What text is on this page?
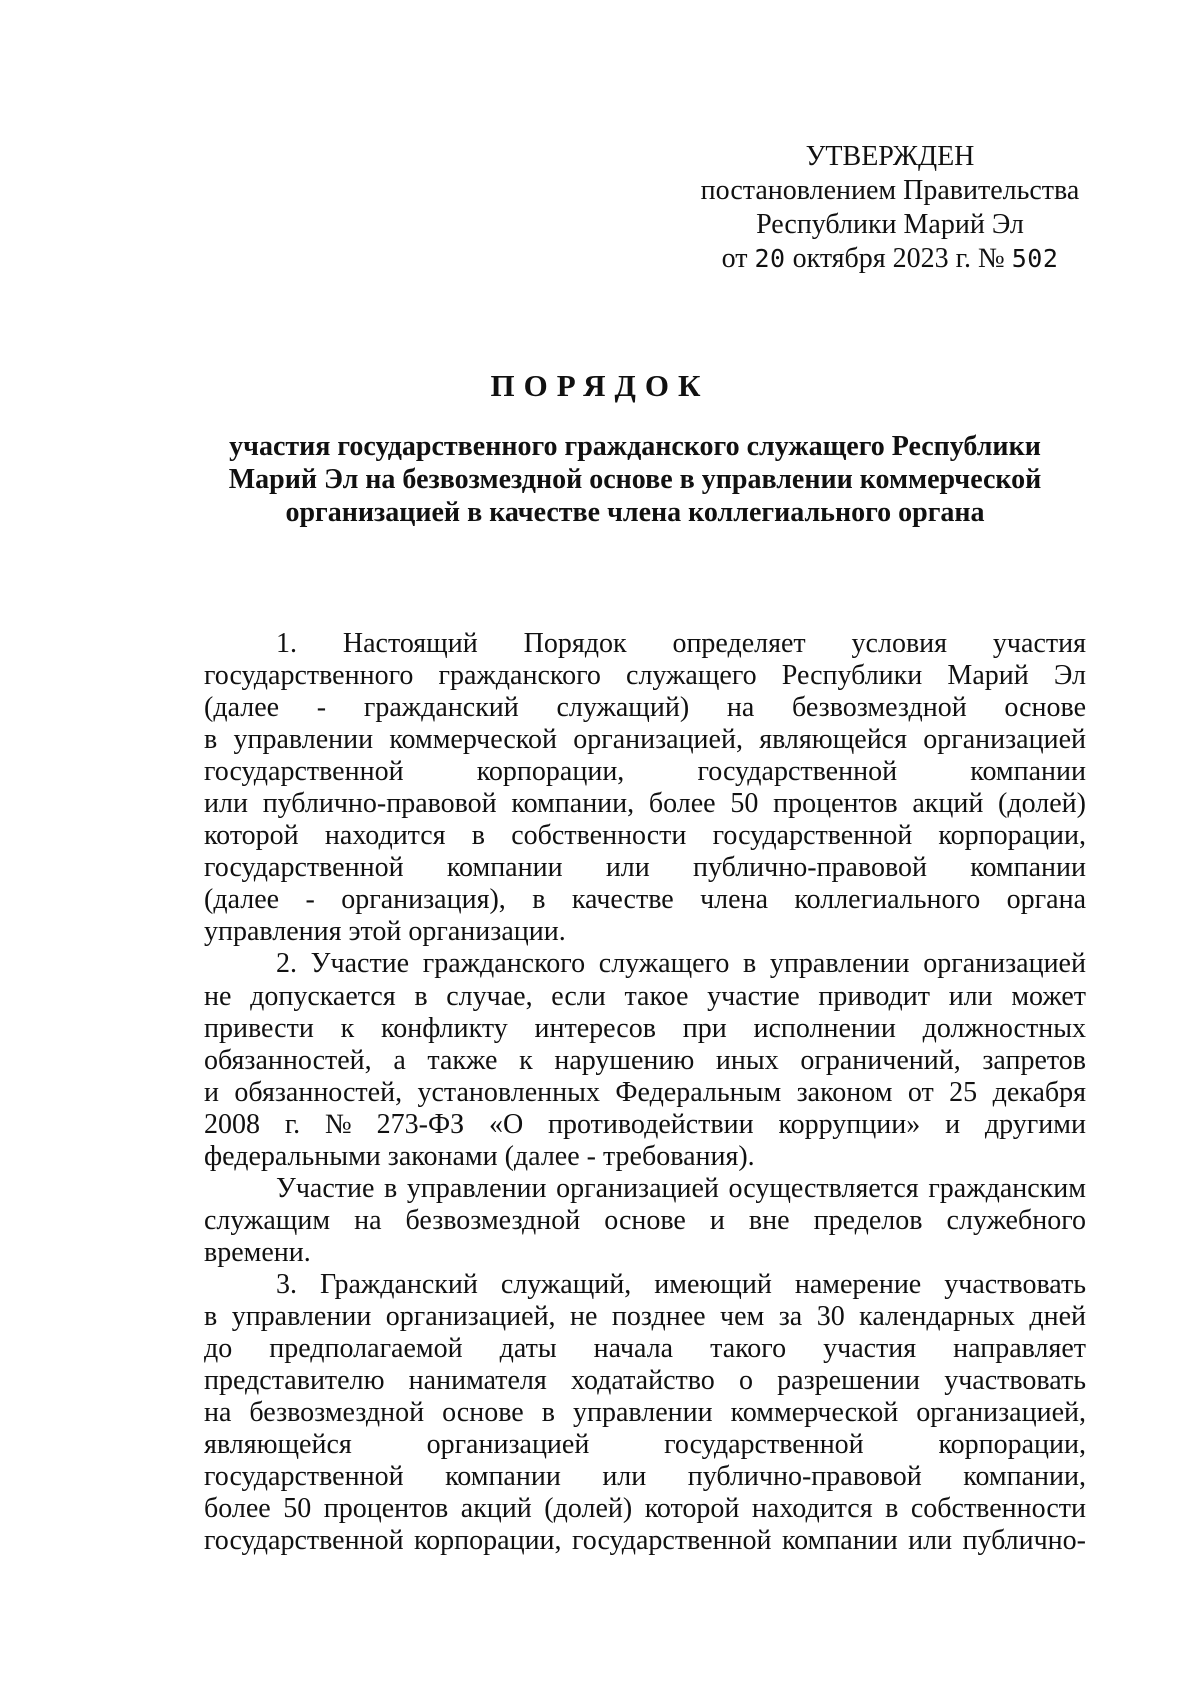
УТВЕРЖДЕН
постановлением Правительства
Республики Марий Эл
от 20 октября 2023 г. № 502
ПОРЯДОК
участия государственного гражданского служащего Республики
Марий Эл на безвозмездной основе в управлении коммерческой
организацией в качестве члена коллегиального органа

1. Настоящий Порядок определяет условия участия
государственного гражданского служащего Республики Марий Эл
(далее - гражданский служащий) на безвозмездной основе
в управлении коммерческой организацией, являющейся организацией
государственной корпорации, государственной компании
или публично-правовой компании, более 50 процентов акций (долей)
которой находится в собственности государственной корпорации,
государственной компании или публично-правовой компании
(далее - организация), в качестве члена коллегиального органа
управления этой организации.

2. Участие гражданского служащего в управлении организацией
не допускается в случае, если такое участие приводит или может
привести к конфликту интересов при исполнении должностных
обязанностей, а также к нарушению иных ограничений, запретов
и обязанностей, установленных Федеральным законом от 25 декабря
2008 г. № 273-ФЗ «О противодействии коррупции» и другими
федеральными законами (далее - требования).

Участие в управлении организацией осуществляется гражданским
служащим на безвозмездной основе и вне пределов служебного
времени.

3. Гражданский служащий, имеющий намерение участвовать
в управлении организацией, не позднее чем за 30 календарных дней
до предполагаемой даты начала такого участия направляет
представителю нанимателя ходатайство о разрешении участвовать
на безвозмездной основе в управлении коммерческой организацией,
являющейся организацией государственной корпорации,
государственной компании или публично-правовой компании,
более 50 процентов акций (долей) которой находится в собственности
государственной корпорации, государственной компании или публично-
